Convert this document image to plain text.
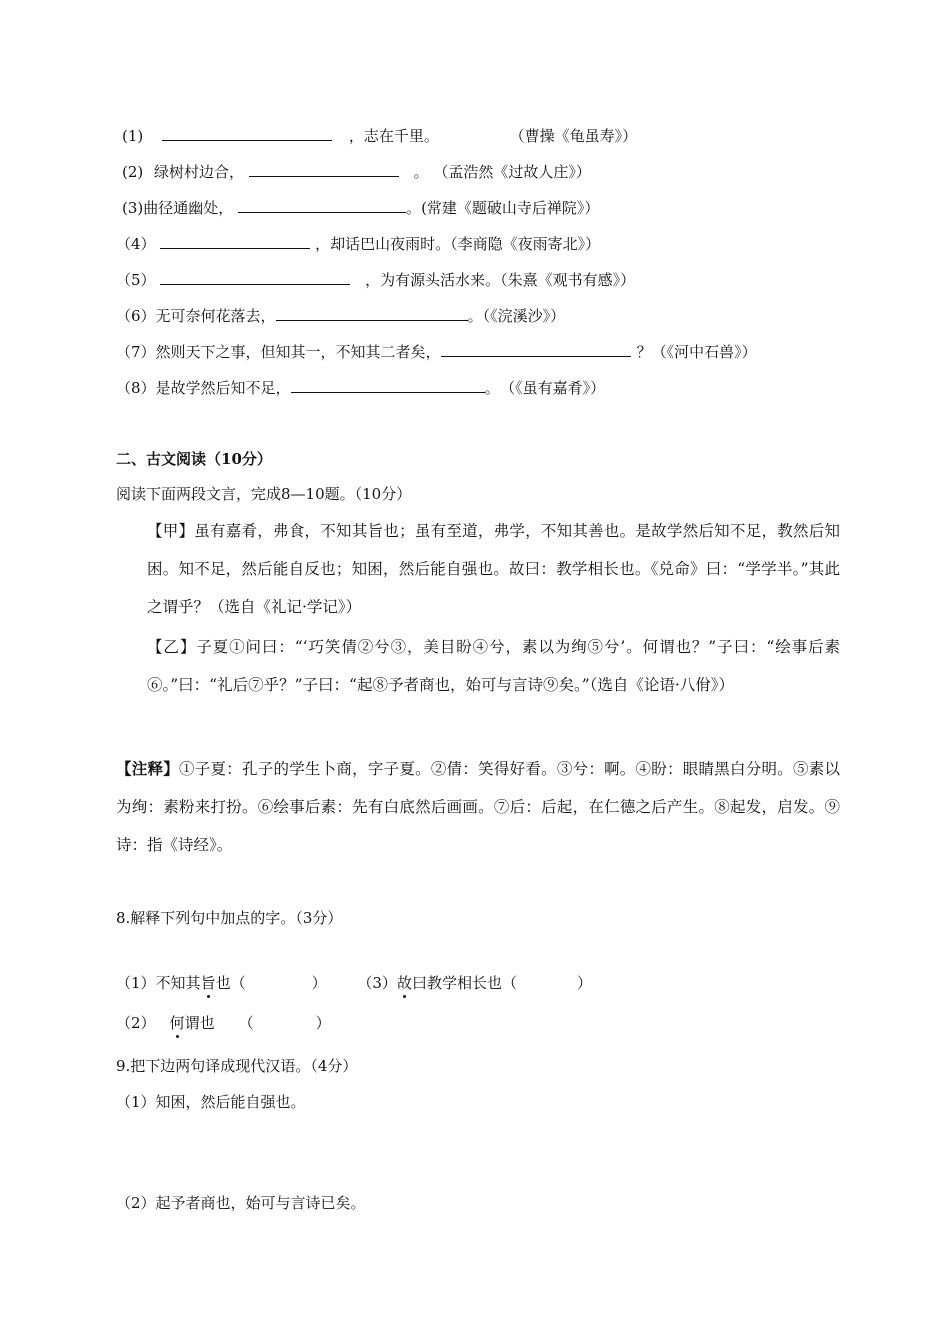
(1)	，志在千里。	（曹操《龟虽寿》）
(2) 绿树村边合，	。 （孟浩然《过故人庄》）
(3)曲径通幽处，	。(常建《题破山寺后禅院》）
（4）	，却话巴山夜雨时。（李商隐《夜雨寄北》）
（5）	，为有源头活水来。（朱熹《观书有感》）
（6）无可奈何花落去，	。（《浣溪沙》）
（7）然则天下之事，但知其一，不知其二者矣，	？（《河中石兽》）
（8）是故学然后知不足，	。 （《虽有嘉肴》）
二、古文阅读（10分）
阅读下面两段文言，完成8—10题。（10分）
【甲】虽有嘉肴，弗食，不知其旨也；虽有至道，弗学，不知其善也。是故学然后知不足，教然后知困。知不足，然后能自反也；知困，然后能自强也。故曰：教学相长也。《兑命》曰：“学学半。”其此之谓乎？（选自《礼记·学记》）
【乙】子夏①问曰：“‘巧笑倩②兮③，美目盼④兮，素以为绚⑤兮’。何谓也？”子曰：“绘事后素⑥。”曰：“礼后⑦乎？”子曰：“起⑧予者商也，始可与言诗⑨矣。”（选自《论语·八佾》）
【注释】①子夏：孔子的学生卜商，字子夏。②倩：笑得好看。③兮：啊。④盼：眼睛黑白分明。⑤素以为绚：素粉来打扮。⑥绘事后素：先有白底然后画画。⑦后：后起，在仁德之后产生。⑧起发，启发。⑨诗：指《诗经》。
8.解释下列句中加点的字。（3分）
（1）不知其旨也（	） （3）故曰教学相长也（	）
（2） 何谓也 （	）
9.把下边两句译成现代汉语。（4分）
（1）知困，然后能自强也。
（2）起予者商也，始可与言诗已矣。
